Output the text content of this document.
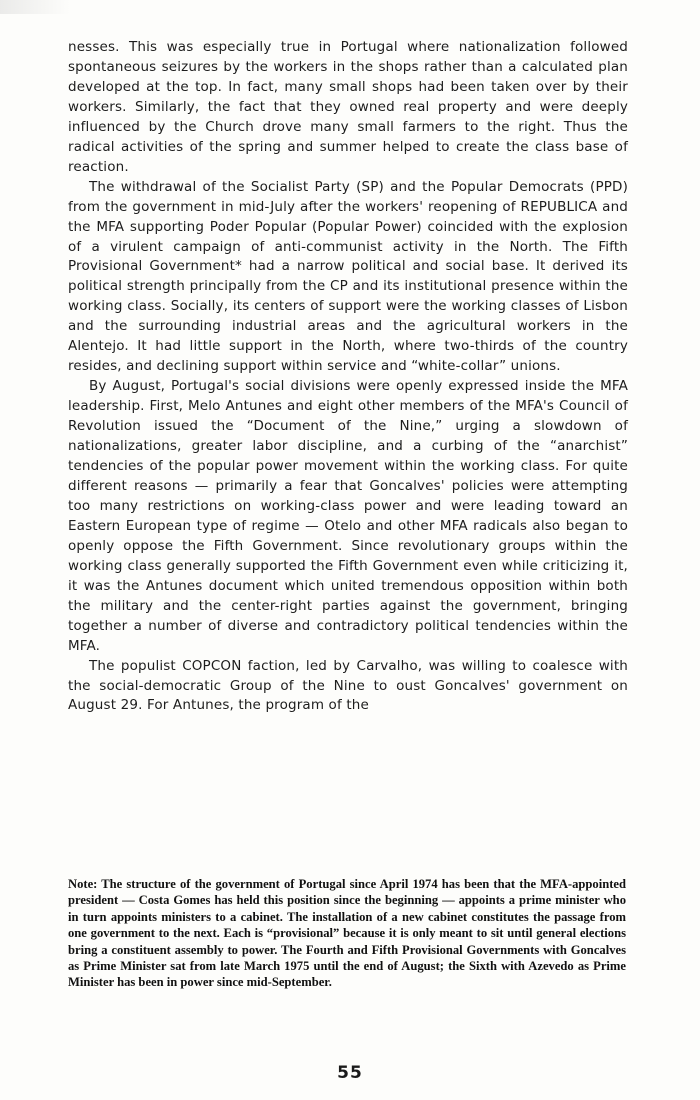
nesses. This was especially true in Portugal where nationalization followed spontaneous seizures by the workers in the shops rather than a calculated plan developed at the top. In fact, many small shops had been taken over by their workers. Similarly, the fact that they owned real property and were deeply influenced by the Church drove many small farmers to the right. Thus the radical activities of the spring and summer helped to create the class base of reaction.

The withdrawal of the Socialist Party (SP) and the Popular Democrats (PPD) from the government in mid-July after the workers' reopening of REPUBLICA and the MFA supporting Poder Popular (Popular Power) coincided with the explosion of a virulent campaign of anti-communist activity in the North. The Fifth Provisional Government* had a narrow political and social base. It derived its political strength principally from the CP and its institutional presence within the working class. Socially, its centers of support were the working classes of Lisbon and the surrounding industrial areas and the agricultural workers in the Alentejo. It had little support in the North, where two-thirds of the country resides, and declining support within service and “white-collar” unions.

By August, Portugal's social divisions were openly expressed inside the MFA leadership. First, Melo Antunes and eight other members of the MFA's Council of Revolution issued the “Document of the Nine,” urging a slowdown of nationalizations, greater labor discipline, and a curbing of the “anarchist” tendencies of the popular power movement within the working class. For quite different reasons — primarily a fear that Goncalves' policies were attempting too many restrictions on working-class power and were leading toward an Eastern European type of regime — Otelo and other MFA radicals also began to openly oppose the Fifth Government. Since revolutionary groups within the working class generally supported the Fifth Government even while criticizing it, it was the Antunes document which united tremendous opposition within both the military and the center-right parties against the government, bringing together a number of diverse and contradictory political tendencies within the MFA.

The populist COPCON faction, led by Carvalho, was willing to coalesce with the social-democratic Group of the Nine to oust Goncalves' government on August 29. For Antunes, the program of the

Note: The structure of the government of Portugal since April 1974 has been that the MFA-appointed president — Costa Gomes has held this position since the beginning — appoints a prime minister who in turn appoints ministers to a cabinet. The installation of a new cabinet constitutes the passage from one government to the next. Each is “provisional” because it is only meant to sit until general elections bring a constituent assembly to power. The Fourth and Fifth Provisional Governments with Goncalves as Prime Minister sat from late March 1975 until the end of August; the Sixth with Azevedo as Prime Minister has been in power since mid-September.

55
